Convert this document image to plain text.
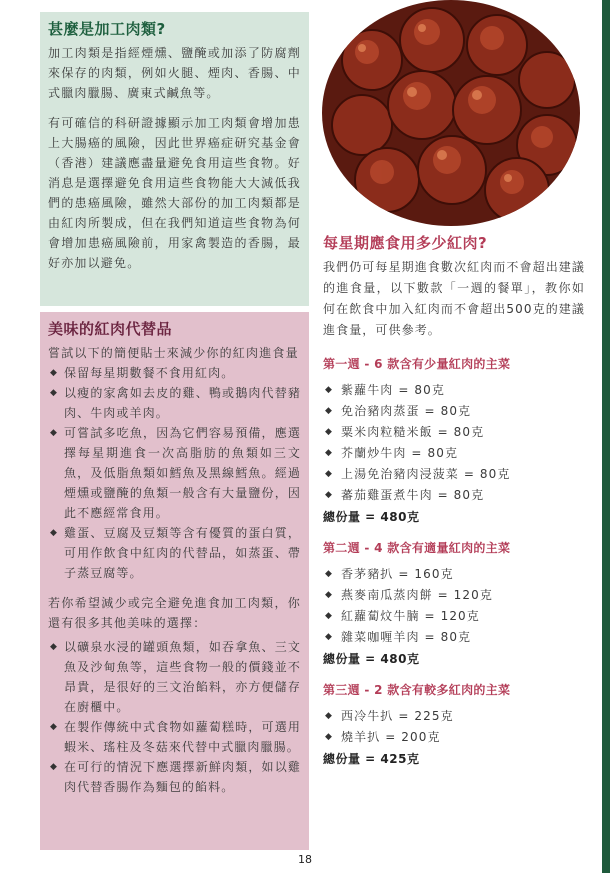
甚麼是加工肉類?

加工肉類是指經煙燻、鹽醃或加添了防腐劑來保存的肉類，例如火腿、煙肉、香腸、中式臘肉臘腸、廣東式鹹魚等。

有可確信的科研證據顯示加工肉類會增加患上大腸癌的風險，因此世界癌症研究基金會（香港）建議應盡量避免食用這些食物。好消息是選擇避免食用這些食物能大大減低我們的患癌風險，雖然大部份的加工肉類都是由紅肉所製成，但在我們知道這些食物為何會增加患癌風險前，用家禽製造的香腸，最好亦加以避免。

美味的紅肉代替品

嘗試以下的簡便貼士來減少你的紅肉進食量

◆ 保留每星期數餐不食用紅肉。
◆ 以瘦的家禽如去皮的雞、鴨或鵝肉代替豬肉、牛肉或羊肉。
◆ 可嘗試多吃魚，因為它們容易預備，應選擇每星期進食一次高脂肪的魚類如三文魚，及低脂魚類如鱈魚及黑線鱈魚。經過煙燻或鹽醃的魚類一般含有大量鹽份，因此不應經常食用。
◆ 雞蛋、豆腐及豆類等含有優質的蛋白質，可用作飲食中紅肉的代替品，如蒸蛋、帶子蒸豆腐等。

若你希望減少或完全避免進食加工肉類，你還有很多其他美味的選擇：

◆ 以礦泉水浸的罐頭魚類，如吞拿魚、三文魚及沙甸魚等，這些食物一般的價錢並不昂貴，是很好的三文治餡料，亦方便儲存在廚櫃中。
◆ 在製作傳統中式食物如蘿蔔糕時，可選用蝦米、瑤柱及冬菇來代替中式臘肉臘腸。
◆ 在可行的情況下應選擇新鮮肉類，如以雞肉代替香腸作為麵包的餡料。
每星期應食用多少紅肉?

我們仍可每星期進食數次紅肉而不會超出建議的進食量，以下數款「一週的餐單」，教你如何在飲食中加入紅肉而不會超出500克的建議進食量，可供參考。

第一週 - 6 款含有少量紅肉的主菜
◆ 紫蘿牛肉 = 80克
◆ 免治豬肉蒸蛋 = 80克
◆ 粟米肉粒糙米飯 = 80克
◆ 芥蘭炒牛肉 = 80克
◆ 上湯免治豬肉浸菠菜 = 80克
◆ 蕃茄雞蛋煮牛肉 = 80克
總份量 = 480克
第二週 - 4 款含有適量紅肉的主菜
◆ 香茅豬扒 = 160克
◆ 燕麥南瓜蒸肉餅 = 120克
◆ 紅蘿蔔炆牛腩 = 120克
◆ 雜菜咖喱羊肉 = 80克
總份量 = 480克
第三週 - 2 款含有較多紅肉的主菜
◆ 西冷牛扒 = 225克
◆ 燒羊扒 = 200克
總份量 = 425克
18
